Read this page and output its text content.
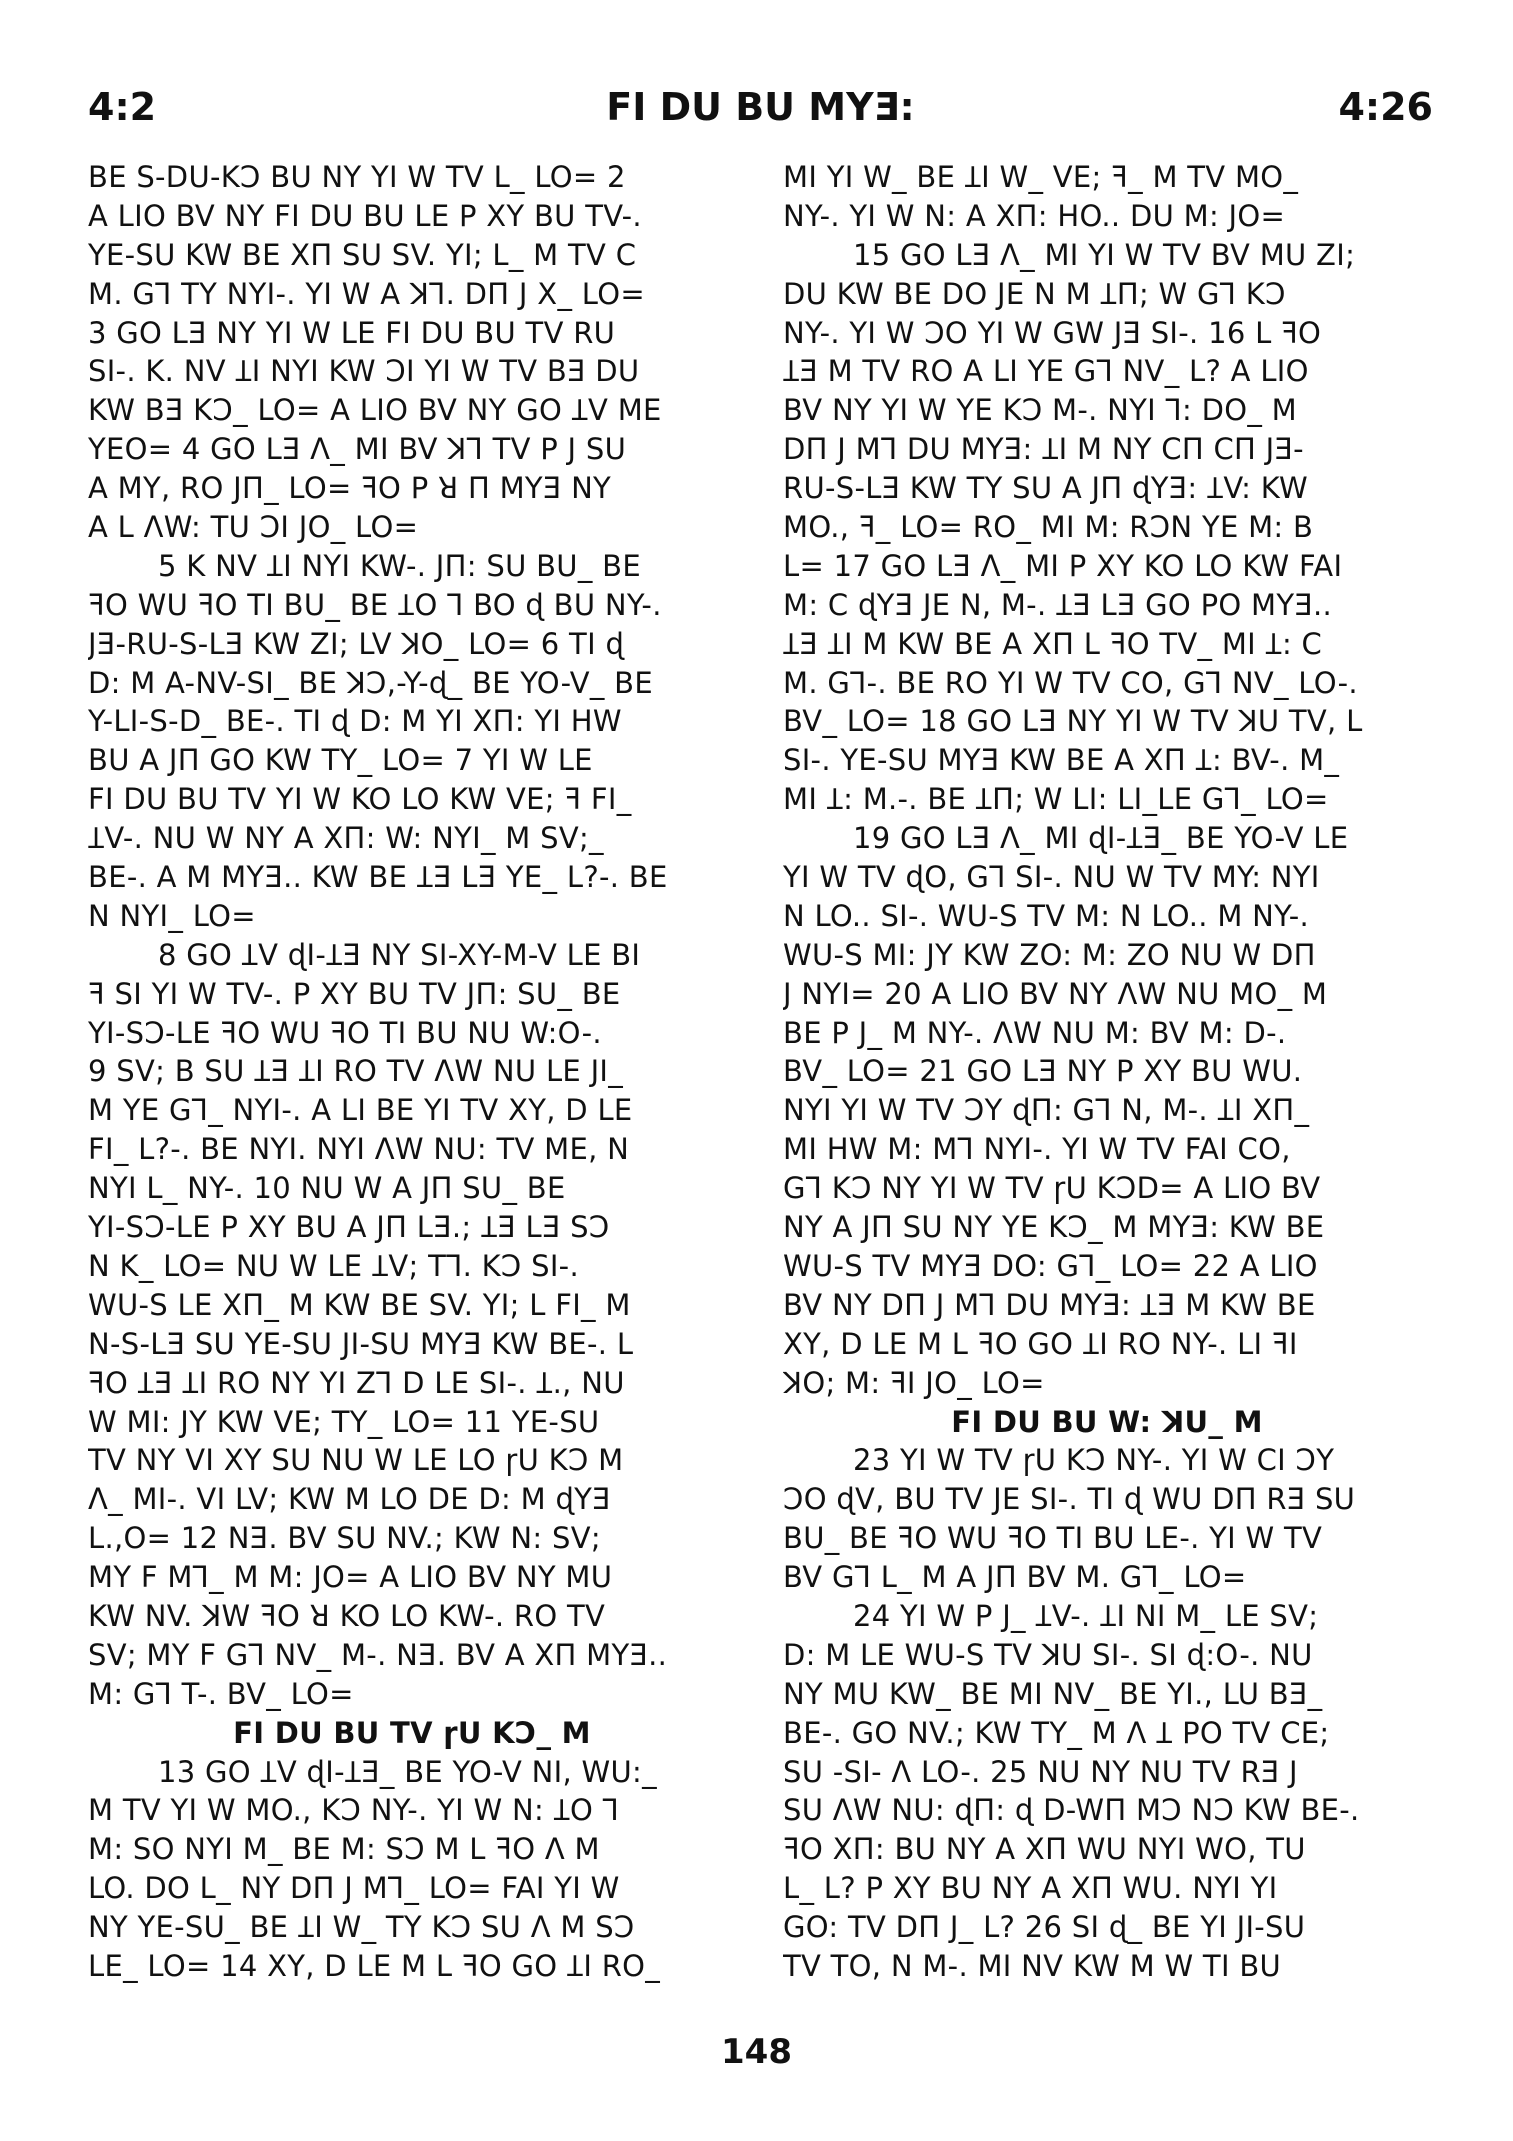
4:2	FI DU BU MYƎ:	4:26
BE S-DU-KƆ BU NY YI W TV L_ LO= 2
A LIO BV NY FI DU BU LE P XY BU TV-.
YE-SU KW BE XΠ SU SV. YI; L_ M TV C
M. GꞀ TY NYI-. YI W A ꓘꞀ. DΠ J X_ LO=
3 GO LƎ NY YI W LE FI DU BU TV RU
SI-. K. NV ꞱI NYI KW ƆI YI W TV BƎ DU
KW BƎ KƆ_ LO= A LIO BV NY GO ꞱV ME
YEO= 4 GO LƎ Λ_ MI BV ꓘꞀ TV P J SU
A MY, RO JΠ_ LO= ꟻO P ꓤ Π MYƎ NY
A L ΛW: TU ƆI JO_ LO=
5 K NV ꞱI NYI KW-. JΠ: SU BU_ BE
ꟻO WU ꟻO TI BU_ BE ꞱO Ꞁ BO ɖ BU NY-.
JƎ-RU-S-LƎ KW ZI; LV ꓘO_ LO= 6 TI ɖ
D: M A-NV-SI_ BE ꓘƆ,-Y-ɖ_ BE YO-V_ BE
Y-LI-S-D_ BE-. TI ɖ D: M YI XΠ: YI HW
BU A JΠ GO KW TY_ LO= 7 YI W LE
FI DU BU TV YI W KO LO KW VE; ꟻ FI_
ꞱV-. NU W NY A XΠ: W: NYI_ M SV;_
BE-. A M MYƎ.. KW BE ꞱƎ LƎ YE_ L?-. BE
N NYI_ LO=
8 GO ꞱV ɖI-ꞱƎ NY SI-XY-M-V LE BI
ꟻ SI YI W TV-. P XY BU TV JΠ: SU_ BE
YI-SƆ-LE ꟻO WU ꟻO TI BU NU W:O-.
9 SV; B SU ꞱƎ ꞱI RO TV ΛW NU LE JI_
M YE GꞀ_ NYI-. A LI BE YI TV XY, D LE
FI_ L?-. BE NYI. NYI ΛW NU: TV ME, N
NYI L_ NY-. 10 NU W A JΠ SU_ BE
YI-SƆ-LE P XY BU A JΠ LƎ.; ꞱƎ LƎ SƆ
N K_ LO= NU W LE ꞱV; TꞀ. KƆ SI-.
WU-S LE XΠ_ M KW BE SV. YI; L FI_ M
N-S-LƎ SU YE-SU JI-SU MYƎ KW BE-. L
ꟻO ꞱƎ ꞱI RO NY YI ZꞀ D LE SI-. Ʇ., NU
W MI: JY KW VE; TY_ LO= 11 YE-SU
TV NY VI XY SU NU W LE LO ɼU KƆ M
Λ_ MI-. VI LV; KW M LO DE D: M ɖYƎ
L.,O= 12 NƎ. BV SU NV.; KW N: SV;
MY F MꞀ_ M M: JO= A LIO BV NY MU
KW NV. ꓘW ꟻO ꓤ KO LO KW-. RO TV
SV; MY F GꞀ NV_ M-. NƎ. BV A XΠ MYƎ..
M: GꞀ T-. BV_ LO=
FI DU BU TV ɼU KƆ_ M
13 GO ꞱV ɖI-ꞱƎ_ BE YO-V NI, WU:_
M TV YI W MO., KƆ NY-. YI W N: ꞱO Ꞁ
M: SO NYI M_ BE M: SƆ M L ꟻO Λ M
LO. DO L_ NY DΠ J MꞀ_ LO= FAI YI W
NY YE-SU_ BE ꞱI W_ TY KƆ SU Λ M SƆ
LE_ LO= 14 XY, D LE M L ꟻO GO ꞱI RO_
MI YI W_ BE ꞱI W_ VE; ꟻ_ M TV MO_
NY-. YI W N: A XΠ: HO.. DU M: JO=
15 GO LƎ Λ_ MI YI W TV BV MU ZI;
DU KW BE DO JE N M ꞱΠ; W GꞀ KƆ
NY-. YI W ƆO YI W GW JƎ SI-. 16 L ꟻO
ꞱƎ M TV RO A LI YE GꞀ NV_ L? A LIO
BV NY YI W YE KƆ M-. NYI Ꞁ: DO_ M
DΠ J MꞀ DU MYƎ: ꞱI M NY CΠ CΠ JƎ-
RU-S-LƎ KW TY SU A JΠ ɖYƎ: ꞱV: KW
MO., ꟻ_ LO= RO_ MI M: RƆN YE M: B
L= 17 GO LƎ Λ_ MI P XY KO LO KW FAI
M: C ɖYƎ JE N, M-. ꞱƎ LƎ GO PO MYƎ..
ꞱƎ ꞱI M KW BE A XΠ L ꟻO TV_ MI Ʇ: C
M. GꞀ-. BE RO YI W TV CO, GꞀ NV_ LO-.
BV_ LO= 18 GO LƎ NY YI W TV ꓘU TV, L
SI-. YE-SU MYƎ KW BE A XΠ Ʇ: BV-. M_
MI Ʇ: M.-. BE ꞱΠ; W LI: LI_LE GꞀ_ LO=
19 GO LƎ Λ_ MI ɖI-ꞱƎ_ BE YO-V LE
YI W TV ɖO, GꞀ SI-. NU W TV MY: NYI
N LO.. SI-. WU-S TV M: N LO.. M NY-.
WU-S MI: JY KW ZO: M: ZO NU W DΠ
J NYI= 20 A LIO BV NY ΛW NU MO_ M
BE P J_ M NY-. ΛW NU M: BV M: D-.
BV_ LO= 21 GO LƎ NY P XY BU WU.
NYI YI W TV ƆY ɖΠ: GꞀ N, M-. ꞱI XΠ_
MI HW M: MꞀ NYI-. YI W TV FAI CO,
GꞀ KƆ NY YI W TV ɼU KƆD= A LIO BV
NY A JΠ SU NY YE KƆ_ M MYƎ: KW BE
WU-S TV MYƎ DO: GꞀ_ LO= 22 A LIO
BV NY DΠ J MꞀ DU MYƎ: ꞱƎ M KW BE
XY, D LE M L ꟻO GO ꞱI RO NY-. LI ꟻI
ꓘO; M: ꟻI JO_ LO=
FI DU BU W: ꓘU_ M
23 YI W TV ɼU KƆ NY-. YI W CI ƆY
ƆO ɖV, BU TV JE SI-. TI ɖ WU DΠ RƎ SU
BU_ BE ꟻO WU ꟻO TI BU LE-. YI W TV
BV GꞀ L_ M A JΠ BV M. GꞀ_ LO=
24 YI W P J_ ꞱV-. ꞱI NI M_ LE SV;
D: M LE WU-S TV ꓘU SI-. SI ɖ:O-. NU
NY MU KW_ BE MI NV_ BE YI., LU BƎ_
BE-. GO NV.; KW TY_ M Λ Ʇ PO TV CE;
SU -SI- Λ LO-. 25 NU NY NU TV RƎ J
SU ΛW NU: ɖΠ: ɖ D-WΠ MƆ NƆ KW BE-.
ꟻO XΠ: BU NY A XΠ WU NYI WO, TU
L_ L? P XY BU NY A XΠ WU. NYI YI
GO: TV DΠ J_ L? 26 SI ɖ_ BE YI JI-SU
TV TO, N M-. MI NV KW M W TI BU
148
